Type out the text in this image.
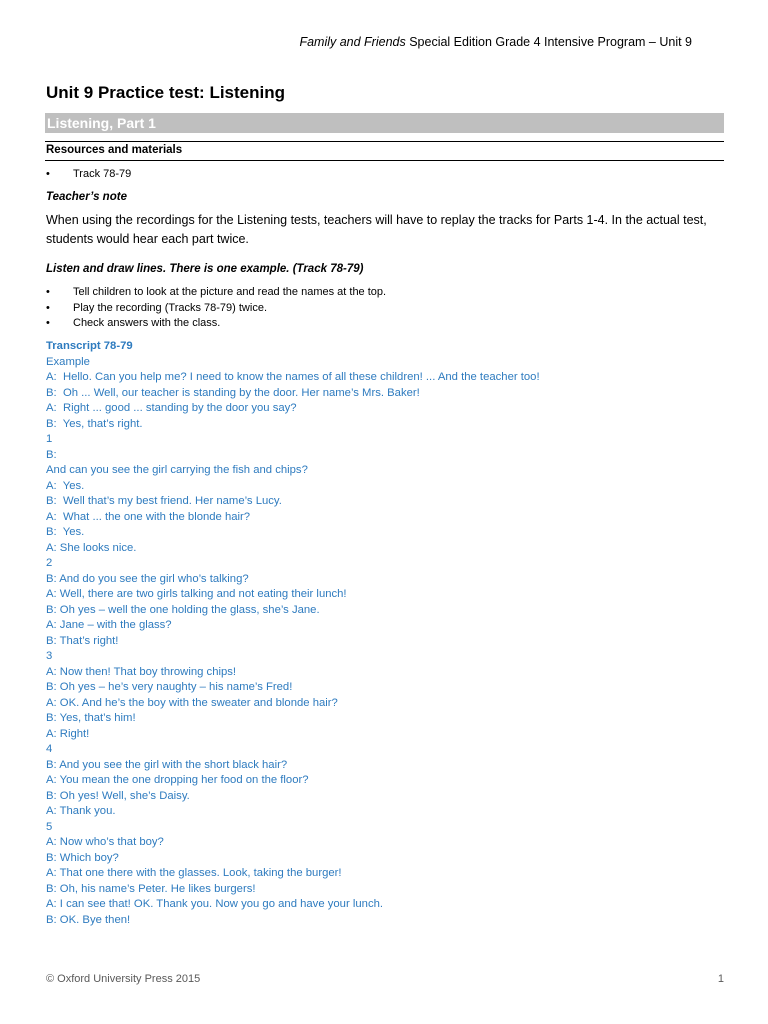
Family and Friends Special Edition Grade 4 Intensive Program – Unit 9
Unit 9 Practice test: Listening
Listening, Part 1
Resources and materials
• Track 78-79
Teacher’s note

When using the recordings for the Listening tests, teachers will have to replay the tracks for Parts 1-4. In the actual test, students would hear each part twice.

Listen and draw lines. There is one example. (Track 78-79)
• Tell children to look at the picture and read the names at the top.
• Play the recording (Tracks 78-79) twice.
• Check answers with the class.
Transcript 78-79
Example
A:  Hello. Can you help me? I need to know the names of all these children! ... And the teacher too!
B:  Oh ... Well, our teacher is standing by the door. Her name’s Mrs. Baker!
A:  Right ... good ... standing by the door you say?
B:  Yes, that’s right.
1
B:
And can you see the girl carrying the fish and chips?
A:  Yes.
B:  Well that’s my best friend. Her name’s Lucy.
A:  What ... the one with the blonde hair?
B:  Yes.
A: She looks nice.
2
B: And do you see the girl who’s talking?
A: Well, there are two girls talking and not eating their lunch!
B: Oh yes – well the one holding the glass, she’s Jane.
A: Jane – with the glass?
B: That’s right!
3
A: Now then! That boy throwing chips!
B: Oh yes – he’s very naughty – his name’s Fred!
A: OK. And he’s the boy with the sweater and blonde hair?
B: Yes, that’s him!
A: Right!
4
B: And you see the girl with the short black hair?
A: You mean the one dropping her food on the floor?
B: Oh yes! Well, she’s Daisy.
A: Thank you.
5
A: Now who’s that boy?
B: Which boy?
A: That one there with the glasses. Look, taking the burger!
B: Oh, his name’s Peter. He likes burgers!
A: I can see that! OK. Thank you. Now you go and have your lunch.
B: OK. Bye then!
© Oxford University Press 2015	1
